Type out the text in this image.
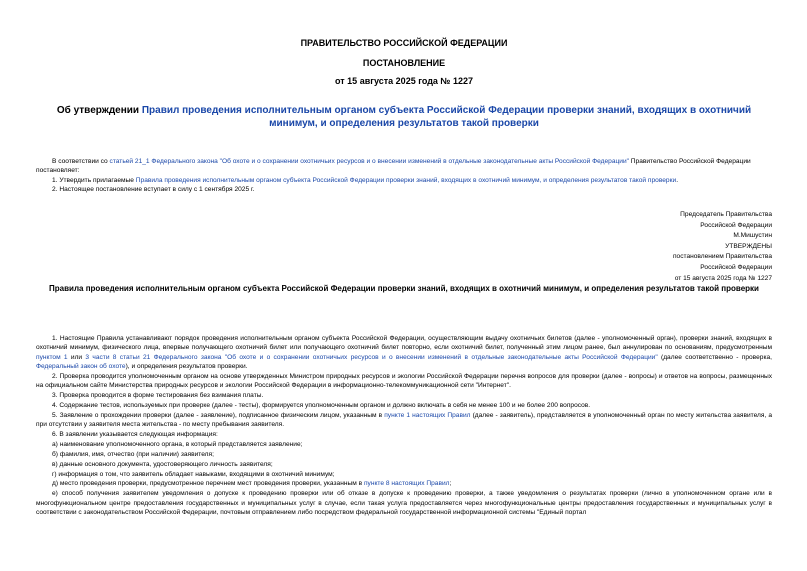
ПРАВИТЕЛЬСТВО РОССИЙСКОЙ ФЕДЕРАЦИИ
ПОСТАНОВЛЕНИЕ
от 15 августа 2025 года № 1227
Об утверждении Правил проведения исполнительным органом субъекта Российской Федерации проверки знаний, входящих в охотничий минимум, и определения результатов такой проверки

В соответствии со статьей 21_1 Федерального закона "Об охоте и о сохранении охотничьих ресурсов и о внесении изменений в отдельные законодательные акты Российской Федерации" Правительство Российской Федерации

постановляет:

1. Утвердить прилагаемые Правила проведения исполнительным органом субъекта Российской Федерации проверки знаний, входящих в охотничий минимум, и определения результатов такой проверки.

2. Настоящее постановление вступает в силу с 1 сентября 2025 г.

Председатель Правительства
Российской Федерации
М.Мишустин
УТВЕРЖДЕНЫ
постановлением Правительства
Российской Федерации
от 15 августа 2025 года № 1227
Правила проведения исполнительным органом субъекта Российской Федерации проверки знаний, входящих в охотничий минимум, и определения результатов такой проверки

1. Настоящие Правила устанавливают порядок проведения исполнительным органом субъекта Российской Федерации, осуществляющим выдачу охотничьих билетов (далее - уполномоченный орган), проверки знаний, входящих в охотничий минимум, физического лица, впервые получающего охотничий билет или получающего охотничий билет повторно, если охотничий билет, полученный этим лицом ранее, был аннулирован по основаниям, предусмотренным пунктом 1 или 3 части 8 статьи 21 Федерального закона "Об охоте и о сохранении охотничьих ресурсов и о внесении изменений в отдельные законодательные акты Российской Федерации" (далее соответственно - проверка, Федеральный закон об охоте), и определения результатов проверки.

2. Проверка проводится уполномоченным органом на основе утвержденных Министром природных ресурсов и экологии Российской Федерации перечня вопросов для проверки (далее - вопросы) и ответов на вопросы, размещенных на официальном сайте Министерства природных ресурсов и экологии Российской Федерации в информационно-телекоммуникационной сети "Интернет".

3. Проверка проводится в форме тестирования без взимания платы.

4. Содержание тестов, используемых при проверке (далее - тесты), формируется уполномоченным органом и должно включать в себя не менее 100 и не более 200 вопросов.

5. Заявление о прохождении проверки (далее - заявление), подписанное физическим лицом, указанным в пункте 1 настоящих Правил (далее - заявитель), представляется в уполномоченный орган по месту жительства заявителя, а при отсутствии у заявителя места жительства - по месту пребывания заявителя.

6. В заявлении указывается следующая информация:

а) наименование уполномоченного органа, в который представляется заявление;

б) фамилия, имя, отчество (при наличии) заявителя;

в) данные основного документа, удостоверяющего личность заявителя;

г) информация о том, что заявитель обладает навыками, входящими в охотничий минимум;

д) место проведения проверки, предусмотренное перечнем мест проведения проверки, указанным в пункте 8 настоящих Правил;

е) способ получения заявителем уведомления о допуске к проведению проверки или об отказе в допуске к проведению проверки, а также уведомления о результатах проверки (лично в уполномоченном органе или в многофункциональном центре предоставления государственных и муниципальных услуг в случае, если такая услуга предоставляется через многофункциональные центры предоставления государственных и муниципальных услуг в соответствии с законодательством Российской Федерации, почтовым отправлением либо посредством федеральной государственной информационной системы "Единый портал
